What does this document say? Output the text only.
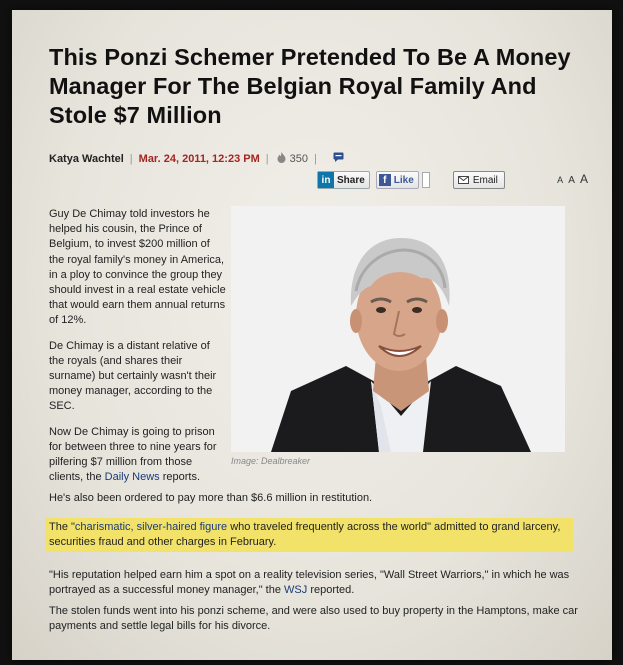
This Ponzi Schemer Pretended To Be A Money Manager For The Belgian Royal Family And Stole $7 Million
Katya Wachtel | Mar. 24, 2011, 12:23 PM | 350 |
in Share	f Like	Email	A A A
Image: Dealbreaker

Guy De Chimay told investors he helped his cousin, the Prince of Belgium, to invest $200 million of the royal family's money in America, in a ploy to convince the group they should invest in a real estate vehicle that would earn them annual returns of 12%.

De Chimay is a distant relative of the royals (and shares their surname) but certainly wasn't their money manager, according to the SEC.

Now De Chimay is going to prison for between three to nine years for pilfering $7 million from those clients, the Daily News reports.

He's also been ordered to pay more than $6.6 million in restitution.

The "charismatic, silver-haired figure who traveled frequently across the world" admitted to grand larceny, securities fraud and other charges in February.

"His reputation helped earn him a spot on a reality television series, "Wall Street Warriors," in which he was portrayed as a successful money manager," the WSJ reported.

The stolen funds went into his ponzi scheme, and were also used to buy property in the Hamptons, make car payments and settle legal bills for his divorce.
